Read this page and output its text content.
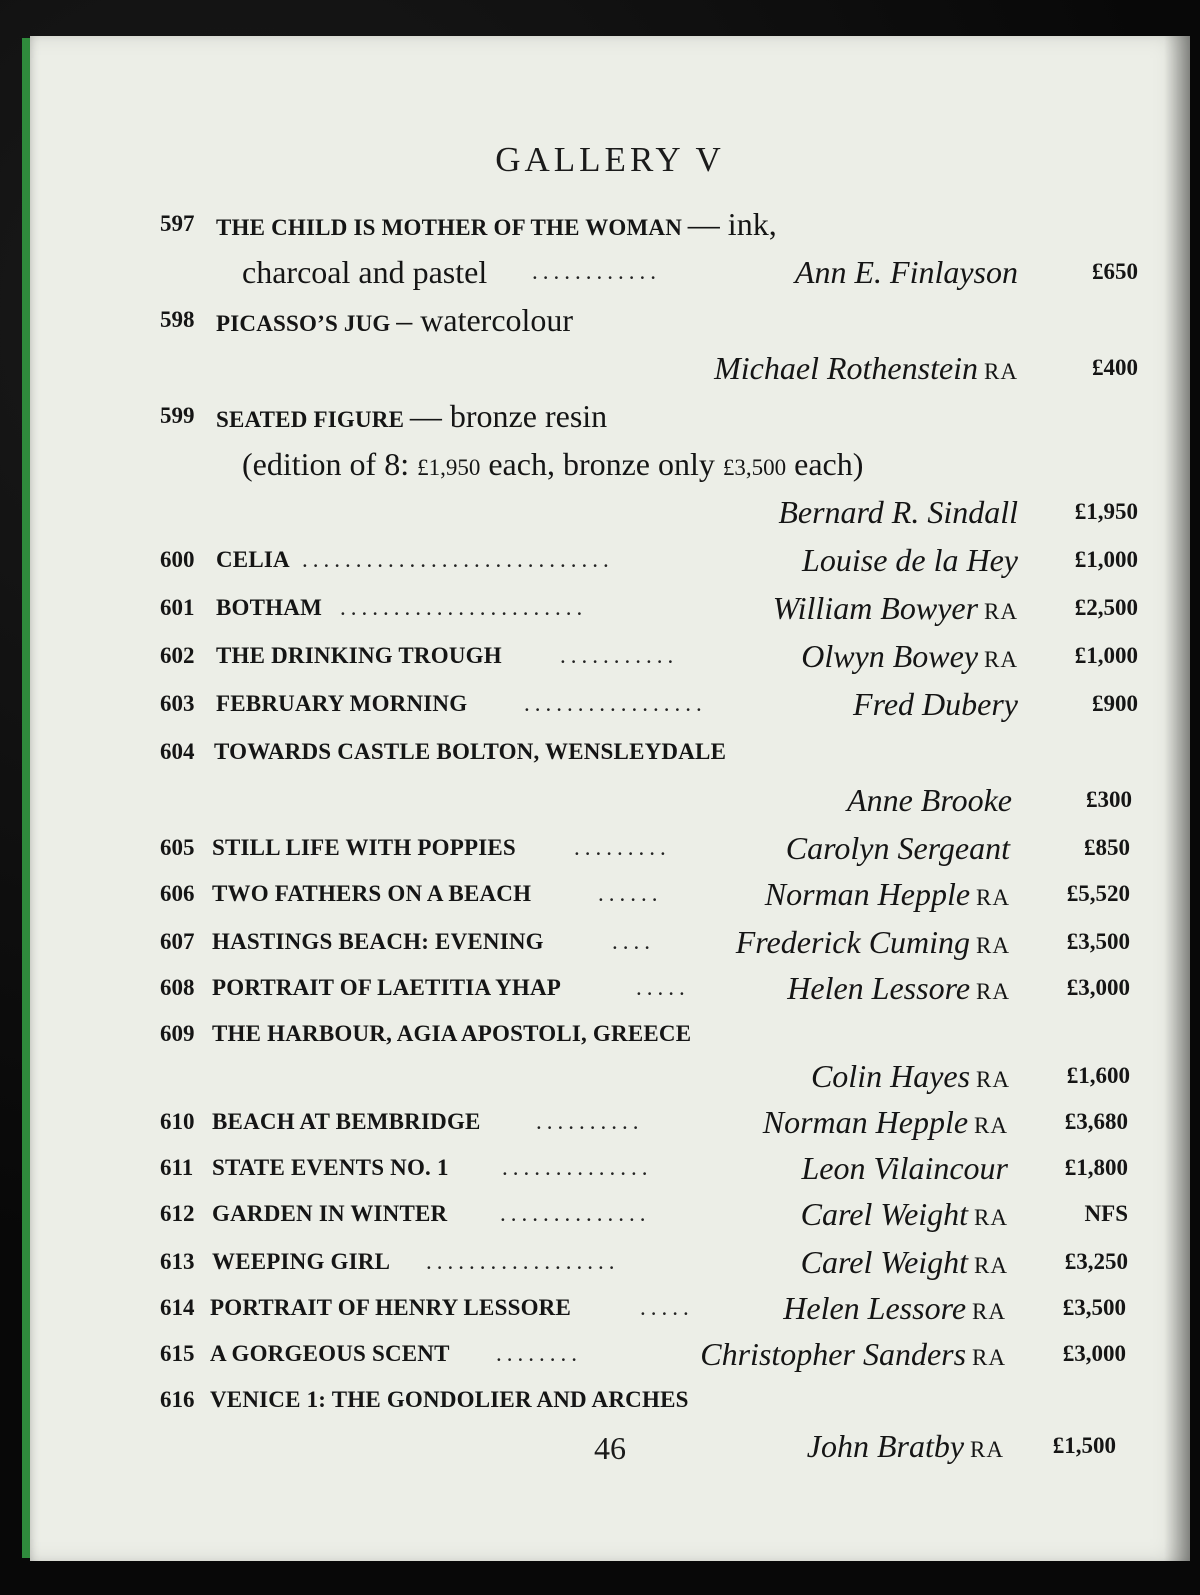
GALLERY V
597 THE CHILD IS MOTHER OF THE WOMAN — ink,
charcoal and pastel ............	Ann E. Finlayson	£650
598 PICASSO’S JUG – watercolour
Michael Rothenstein RA	£400
599 SEATED FIGURE — bronze resin
(edition of 8: £1,950 each, bronze only £3,500 each)
Bernard R. Sindall	£1,950
600 CELIA .............................	Louise de la Hey	£1,000
601 BOTHAM .......................	William Bowyer RA	£2,500
602 THE DRINKING TROUGH	...........	Olwyn Bowey RA	£1,000
603 FEBRUARY MORNING .................	Fred Dubery	£900
604 TOWARDS CASTLE BOLTON, WENSLEYDALE
Anne Brooke	£300
605 STILL LIFE WITH POPPIES	.........	Carolyn Sergeant	£850
606 TWO FATHERS ON A BEACH	......	Norman Hepple RA	£5,520
607 HASTINGS BEACH: EVENING	....	Frederick Cuming RA	£3,500
608 PORTRAIT OF LAETITIA YHAP	.....	Helen Lessore RA	£3,000
609 THE HARBOUR, AGIA APOSTOLI, GREECE
Colin Hayes RA	£1,600
610 BEACH AT BEMBRIDGE ..........	Norman Hepple RA	£3,680
611 STATE EVENTS NO. 1 ..............	Leon Vilaincour	£1,800
612 GARDEN IN WINTER ..............	Carel Weight RA	NFS
613 WEEPING GIRL ..................	Carel Weight RA	£3,250
614 PORTRAIT OF HENRY LESSORE	.....	Helen Lessore RA	£3,500
615 A GORGEOUS SCENT ........	Christopher Sanders RA	£3,000
616 VENICE 1: THE GONDOLIER AND ARCHES
John Bratby RA	£1,500
46
